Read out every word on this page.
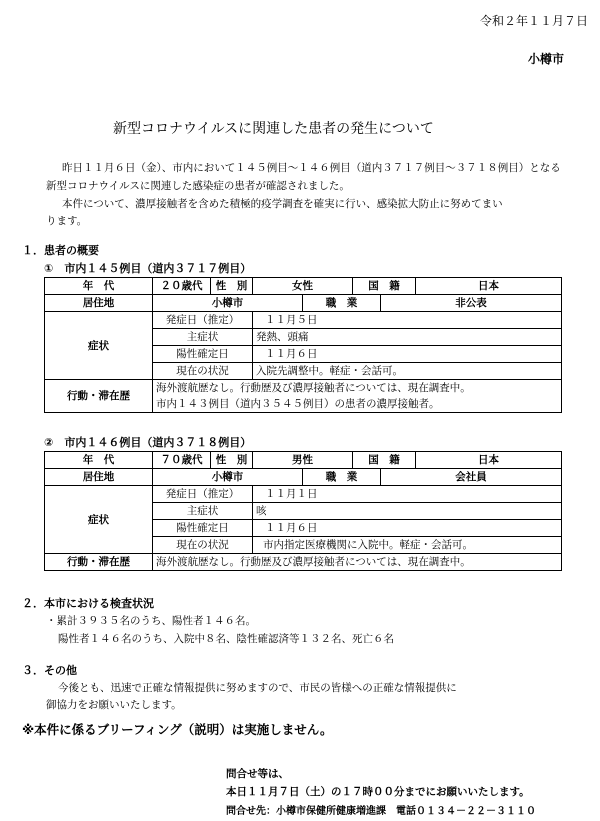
令和２年１１月７日
小樽市
新型コロナウイルスに関連した患者の発生について
昨日１１月６日（金）、市内において１４５例目～１４６例目（道内３７１７例目～３７１８例目）となる
新型コロナウイルスに関連した感染症の患者が確認されました。
本件について、濃厚接触者を含めた積極的疫学調査を確実に行い、感染拡大防止に努めてまい
ります。
１．患者の概要
①　市内１４５例目（道内３７１７例目）
年　代	２０歳代	性　別	女性		国　籍		日本
居住地	小樽市			職　業		非公表	
症状	発症日（推定）		１１月５日				
	主症状		発熱、頭痛				
	陽性確定日		１１月６日				
	現在の状況		入院先調整中。軽症・会話可。				
行動・滞在歴	海外渡航歴なし。行動歴及び濃厚接触者については、現在調査中。						
	市内１４３例目（道内３５４５例目）の患者の濃厚接触者。						
②　市内１４６例目（道内３７１８例目）
年　代	７０歳代	性　別	男性		国　籍		日本
居住地	小樽市			職　業		会社員	
症状	発症日（推定）		１１月１日				
	主症状		咳				
	陽性確定日		１１月６日				
	現在の状況		市内指定医療機関に入院中。軽症・会話可。				
行動・滞在歴	海外渡航歴なし。行動歴及び濃厚接触者については、現在調査中。						
２．本市における検査状況
・累計３９３５名のうち、陽性者１４６名。
陽性者１４６名のうち、入院中８名、陰性確認済等１３２名、死亡６名
３．その他
今後とも、迅速で正確な情報提供に努めますので、市民の皆様への正確な情報提供に
御協力をお願いいたします。
※本件に係るブリーフィング（説明）は実施しません。
問合せ等は、
本日１１月７日（土）の１７時００分までにお願いいたします。
問合せ先：小樽市保健所健康増進課　電話０１３４－２２－３１１０
